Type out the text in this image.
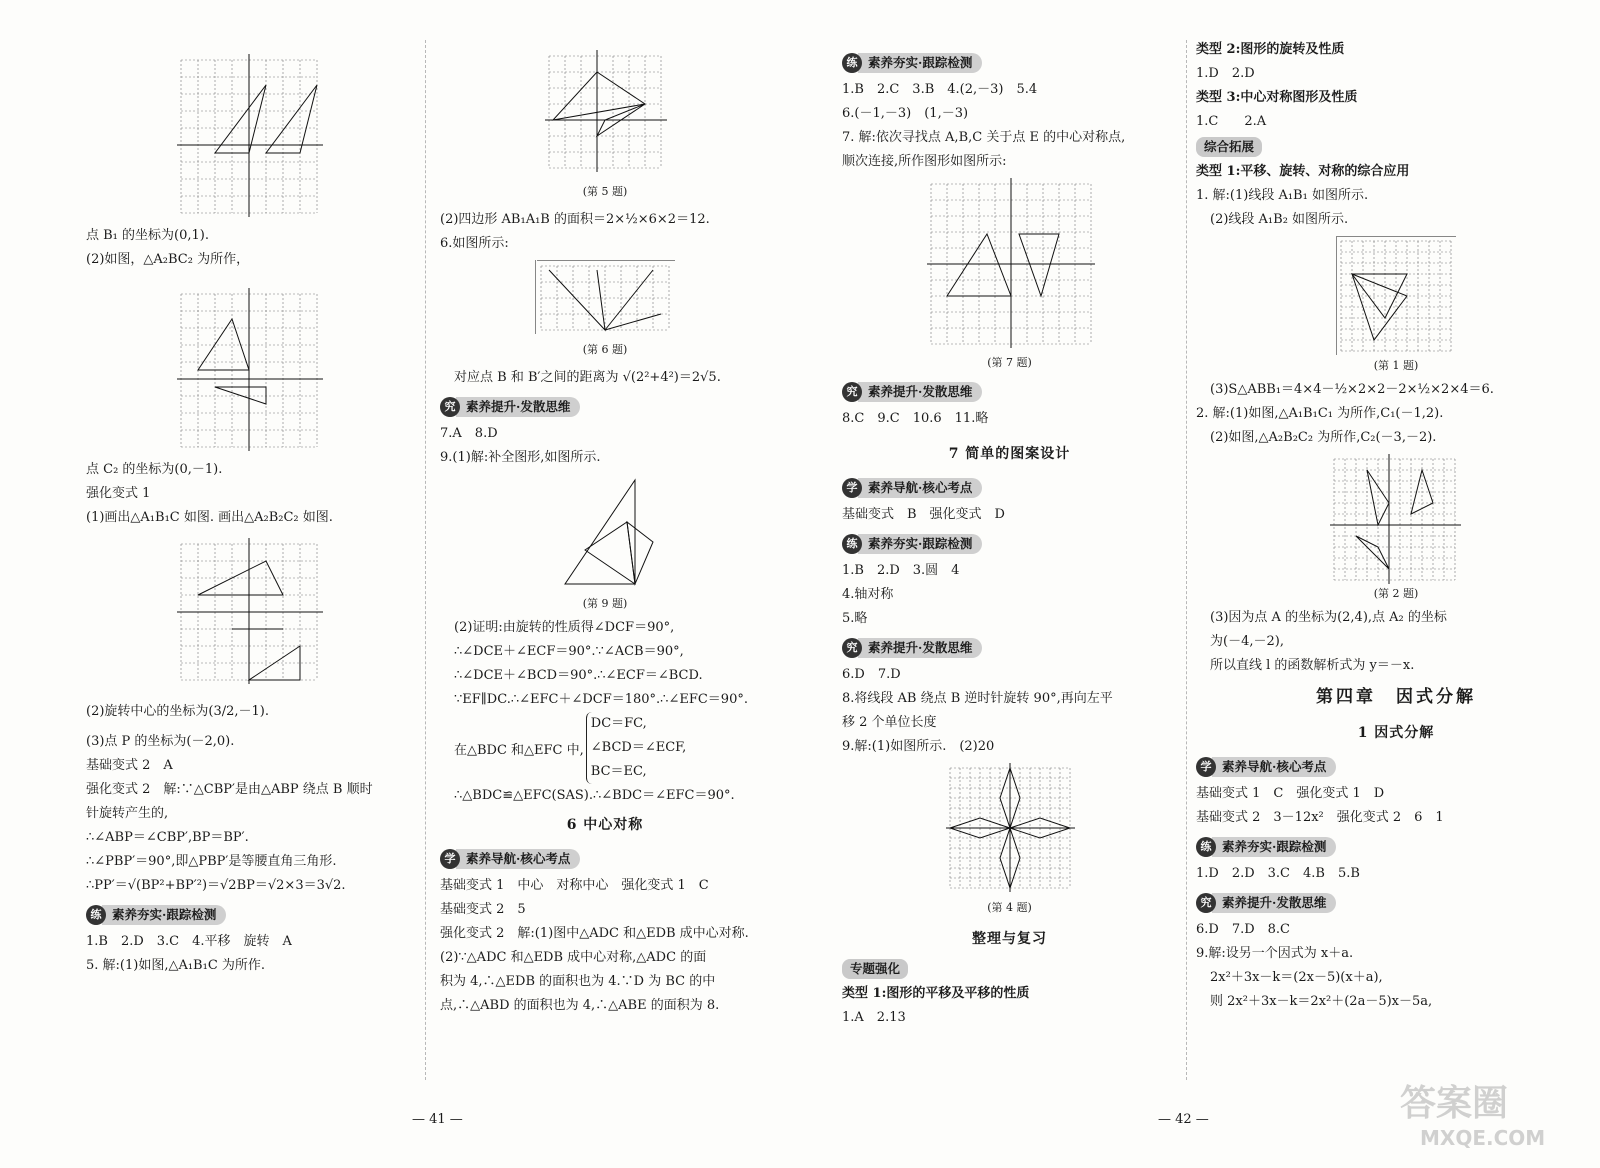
点 B₁ 的坐标为(0,1).
(2)如图，△A₂BC₂ 为所作，
点 C₂ 的坐标为(0,－1).
强化变式 1
(1)画出△A₁B₁C 如图. 画出△A₂B₂C₂ 如图.
(2)旋转中心的坐标为(3/2,－1).
(3)点 P 的坐标为(－2,0).
基础变式 2　A
强化变式 2　解:∵△CBP′是由△ABP 绕点 B 顺时
针旋转产生的,
∴∠ABP＝∠CBP′,BP＝BP′.
∴∠PBP′＝90°,即△PBP′是等腰直角三角形.
∴PP′＝√(BP²+BP′²)＝√2BP＝√2×3＝3√2.
练 素养夯实·跟踪检测
1.B　2.D　3.C　4.平移　旋转　A
5. 解:(1)如图,△A₁B₁C 为所作.
(第 5 题)
(2)四边形 AB₁A₁B 的面积＝2×½×6×2＝12.
6.如图所示:
(第 6 题)
对应点 B 和 B′之间的距离为 √(2²+4²)＝2√5.
究 素养提升·发散思维
7.A　8.D
9.(1)解:补全图形,如图所示.
(第 9 题)
(2)证明:由旋转的性质得∠DCF＝90°,
∴∠DCE＋∠ECF＝90°.∵∠ACB＝90°,
∴∠DCE＋∠BCD＝90°.∴∠ECF＝∠BCD.
∵EF∥DC.∴∠EFC＋∠DCF＝180°.∴∠EFC＝90°.
在△BDC 和△EFC 中,
DC＝FC,
∠BCD＝∠ECF,
BC＝EC,
∴△BDC≌△EFC(SAS).∴∠BDC＝∠EFC＝90°.
6 中心对称
学 素养导航·核心考点
基础变式 1　中心　对称中心　强化变式 1　C
基础变式 2　5
强化变式 2　解:(1)图中△ADC 和△EDB 成中心对称.
(2)∵△ADC 和△EDB 成中心对称,△ADC 的面
积为 4,∴△EDB 的面积也为 4.∵D 为 BC 的中
点,∴△ABD 的面积也为 4,∴△ABE 的面积为 8.
练 素养夯实·跟踪检测
1.B　2.C　3.B　4.(2,－3)　5.4
6.(－1,－3)　(1,－3)
7. 解:依次寻找点 A,B,C 关于点 E 的中心对称点,
顺次连接,所作图形如图所示:
(第 7 题)
究 素养提升·发散思维
8.C　9.C　10.6　11.略
7 简单的图案设计
学 素养导航·核心考点
基础变式　B　强化变式　D
练 素养夯实·跟踪检测
1.B　2.D　3.圆　4
4.轴对称
5.略
究 素养提升·发散思维
6.D　7.D
8.将线段 AB 绕点 B 逆时针旋转 90°,再向左平
移 2 个单位长度
9.解:(1)如图所示.　(2)20
(第 4 题)
整理与复习
专题强化
类型 1:图形的平移及平移的性质
1.A　2.13
类型 2:图形的旋转及性质
1.D　2.D
类型 3:中心对称图形及性质
1.C　　2.A
综合拓展
类型 1:平移、旋转、对称的综合应用
1. 解:(1)线段 A₁B₁ 如图所示.
(2)线段 A₁B₂ 如图所示.
(第 1 题)
(3)S△ABB₁＝4×4－½×2×2－2×½×2×4＝6.
2. 解:(1)如图,△A₁B₁C₁ 为所作,C₁(－1,2).
(2)如图,△A₂B₂C₂ 为所作,C₂(－3,－2).
(第 2 题)
(3)因为点 A 的坐标为(2,4),点 A₂ 的坐标
为(－4,－2),
所以直线 l 的函数解析式为 y＝－x.
第四章　因式分解
1 因式分解
学 素养导航·核心考点
基础变式 1　C　强化变式 1　D
基础变式 2　3－12x²　强化变式 2　6　1
练 素养夯实·跟踪检测
1.D　2.D　3.C　4.B　5.B
究 素养提升·发散思维
6.D　7.D　8.C
9.解:设另一个因式为 x＋a.
2x²＋3x－k＝(2x－5)(x＋a),
则 2x²＋3x－k＝2x²＋(2a－5)x－5a,
— 41 —	— 42 —	答案圈
MXQE.COM
